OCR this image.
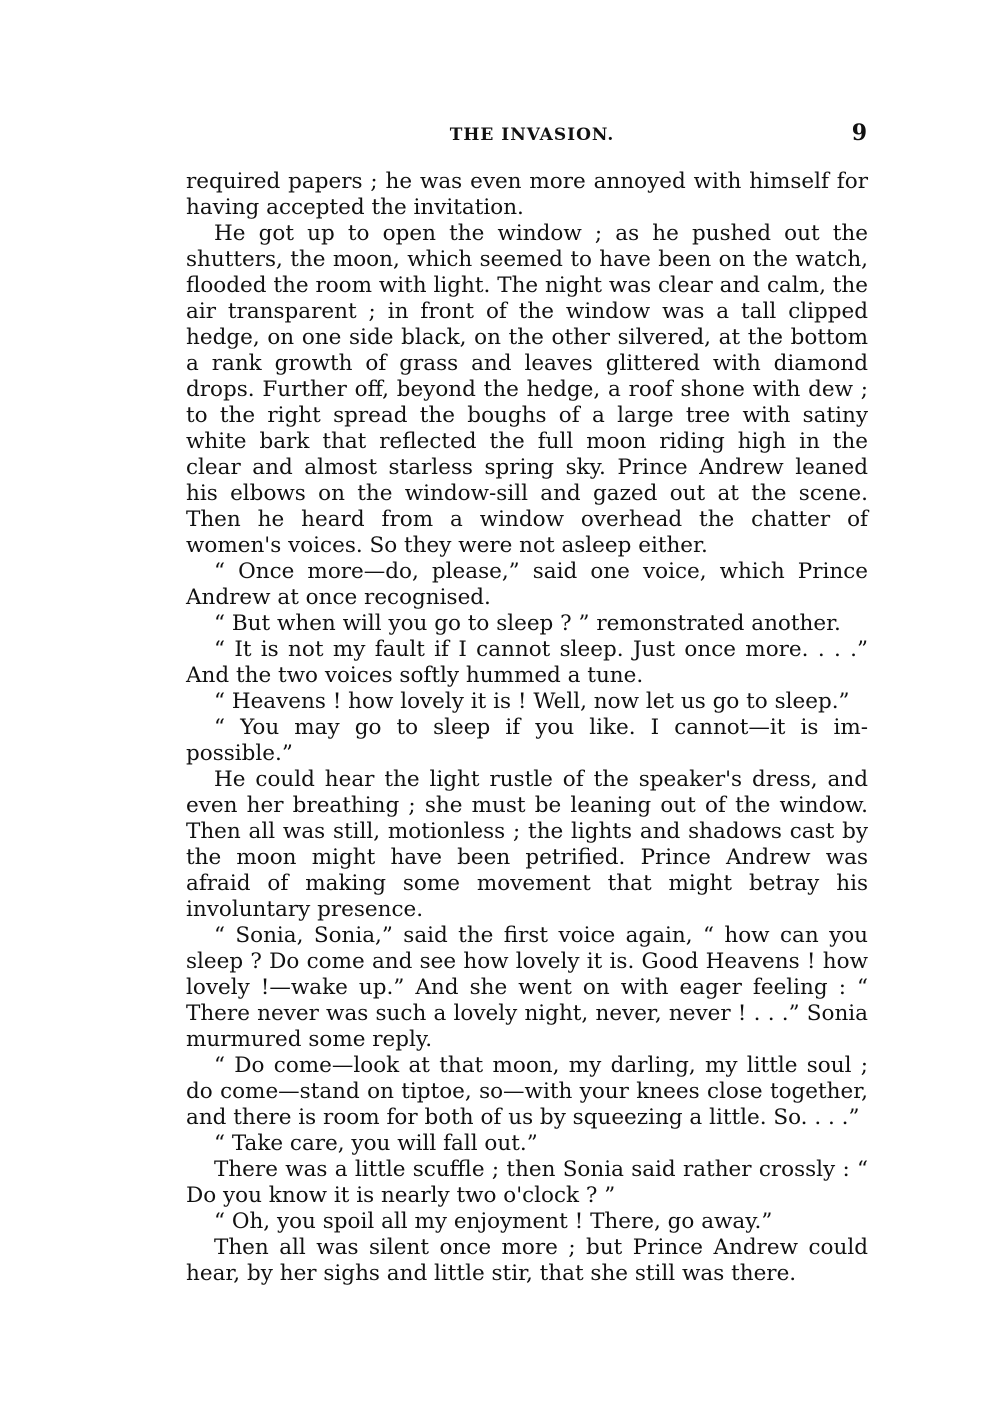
THE INVASION.	9

required papers ; he was even more annoyed with himself for having accepted the invitation.

He got up to open the window ; as he pushed out the shutters, the moon, which seemed to have been on the watch, flooded the room with light. The night was clear and calm, the air transparent ; in front of the window was a tall clipped hedge, on one side black, on the other silvered, at the bottom a rank growth of grass and leaves glittered with diamond drops. Further off, beyond the hedge, a roof shone with dew ; to the right spread the boughs of a large tree with satiny white bark that reflected the full moon riding high in the clear and almost starless spring sky. Prince Andrew leaned his elbows on the window-sill and gazed out at the scene. Then he heard from a window overhead the chatter of women's voices. So they were not asleep either.

“ Once more—do, please,” said one voice, which Prince Andrew at once recognised.

“ But when will you go to sleep ? ” remonstrated another.

“ It is not my fault if I cannot sleep. Just once more. . . .” And the two voices softly hummed a tune.

“ Heavens ! how lovely it is ! Well, now let us go to sleep.”

“ You may go to sleep if you like. I cannot—it is impossible.”

He could hear the light rustle of the speaker's dress, and even her breathing ; she must be leaning out of the window. Then all was still, motionless ; the lights and shadows cast by the moon might have been petrified. Prince Andrew was afraid of making some movement that might betray his involuntary presence.

“ Sonia, Sonia,” said the first voice again, “ how can you sleep ? Do come and see how lovely it is. Good Heavens ! how lovely !—wake up.” And she went on with eager feeling : “ There never was such a lovely night, never, never ! . . .” Sonia murmured some reply.

“ Do come—look at that moon, my darling, my little soul ; do come—stand on tiptoe, so—with your knees close together, and there is room for both of us by squeezing a little. So. . . .”

“ Take care, you will fall out.”

There was a little scuffle ; then Sonia said rather crossly : “ Do you know it is nearly two o'clock ? ”

“ Oh, you spoil all my enjoyment ! There, go away.”

Then all was silent once more ; but Prince Andrew could hear, by her sighs and little stir, that she still was there.
